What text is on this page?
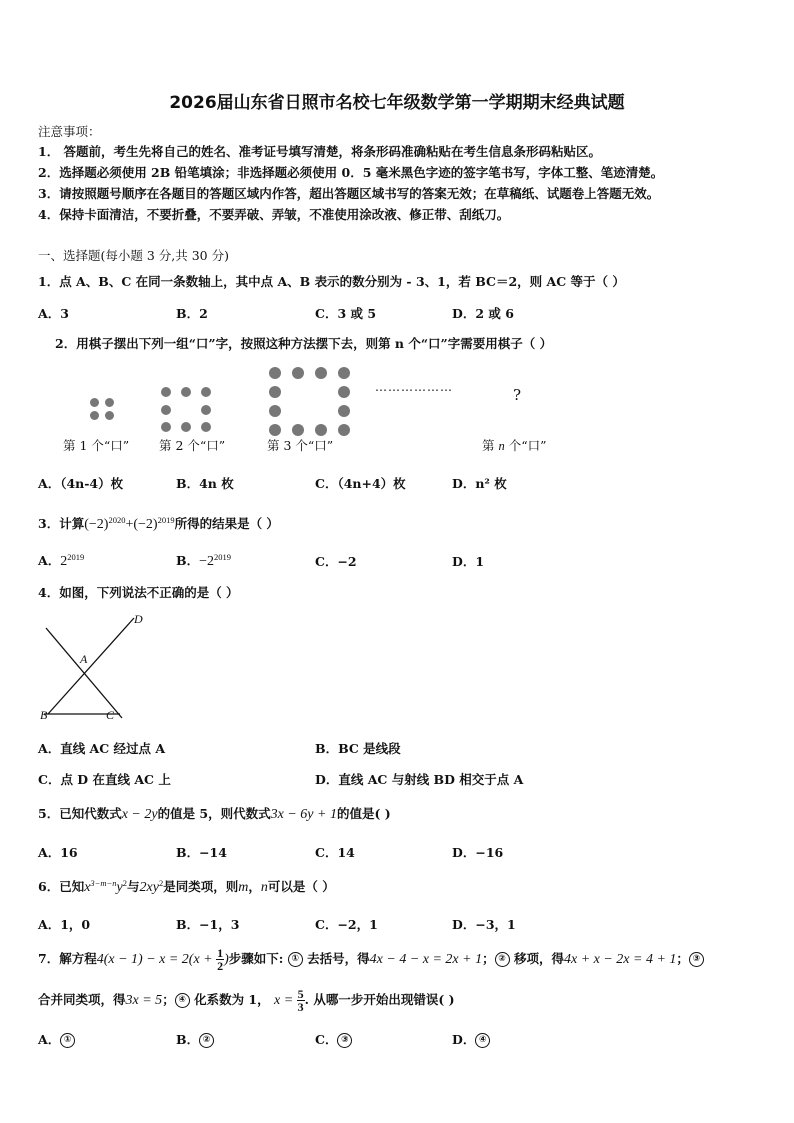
2026届山东省日照市名校七年级数学第一学期期末经典试题
注意事项：
1． 答题前，考生先将自己的姓名、准考证号填写清楚，将条形码准确粘贴在考生信息条形码粘贴区。
2．选择题必须使用 2B 铅笔填涂；非选择题必须使用 0．5 毫米黑色字迹的签字笔书写，字体工整、笔迹清楚。
3．请按照题号顺序在各题目的答题区域内作答，超出答题区域书写的答案无效；在草稿纸、试题卷上答题无效。
4．保持卡面清洁，不要折叠，不要弄破、弄皱，不准使用涂改液、修正带、刮纸刀。
一、选择题(每小题 3 分,共 30 分)
1．点 A、B、C 在同一条数轴上，其中点 A、B 表示的数分别为 - 3、1，若 BC＝2，则 AC 等于（ ）
A．3	B．2	C．3 或 5	D．2 或 6
2．用棋子摆出下列一组“口”字，按照这种方法摆下去，则第 n 个“口”字需要用棋子（ ）
………………	?
第 1 个“口” 第 2 个“口”	第 3 个“口”	第 n 个“口”
A．（4n-4）枚	B．4n 枚	C．（4n+4）枚	D．n² 枚
3．计算$(-2)^{2020}+(-2)^{2019}$所得的结果是（ ）
A．$2^{2019}$	B．$-2^{2019}$	C．−2	D．1
4．如图，下列说法不正确的是（ ）
D
A
B	C
A．直线 AC 经过点 A	B．BC 是线段
C．点 D 在直线 AC 上	D．直线 AC 与射线 BD 相交于点 A
5．已知代数式x − 2y的值是 5，则代数式3x − 6y + 1的值是( )
A．16	B．−14	C．14	D．−16
6．已知$x^{3-m-n}y^2$与$2xy^2$是同类项，则m，n可以是（ ）
A．1，0	B．−1，3	C．−2，1	D．−3，1
7．解方程$4(x - 1) - x = 2(x + \frac{1}{2}$ )步骤如下: ① 去括号，得4x − 4 − x = 2x + 1； ② 移项，得4x + x − 2x = 4 + 1； ③
合并同类项，得3x = 5； ④ 化系数为 1， $x = \frac{5}{3}$ . 从哪一步开始出现错误( )
A． ①	B． ②	C． ③	D． ④
